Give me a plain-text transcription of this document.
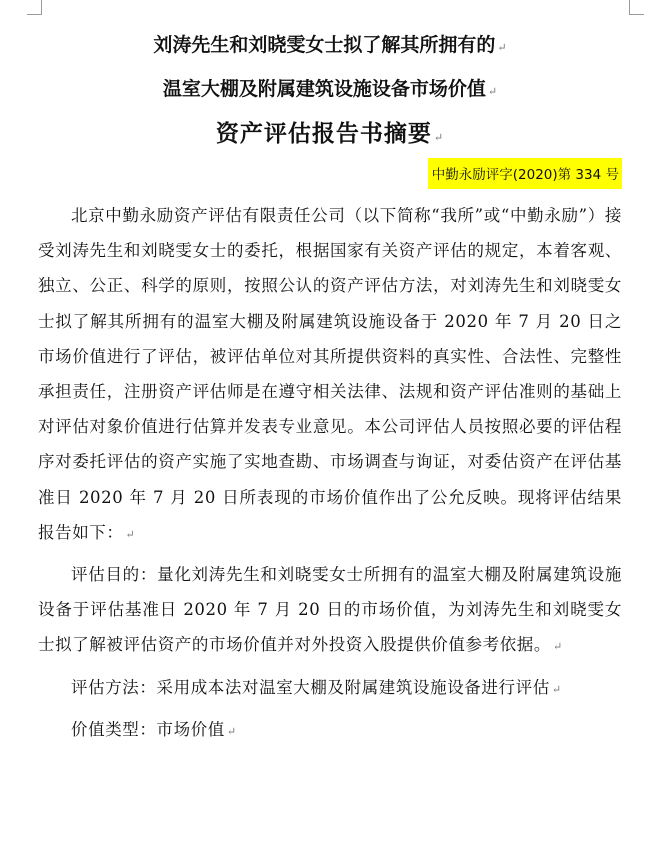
刘涛先生和刘晓雯女士拟了解其所拥有的 ↵
温室大棚及附属建筑设施设备市场价值 ↵
资产评估报告书摘要 ↵
中勤永励评字(2020)第 334 号

北京中勤永励资产评估有限责任公司（以下简称“我所”或“中勤永励”）接受刘涛先生和刘晓雯女士的委托，根据国家有关资产评估的规定，本着客观、独立、公正、科学的原则，按照公认的资产评估方法，对刘涛先生和刘晓雯女士拟了解其所拥有的温室大棚及附属建筑设施设备于 2020 年 7 月 20 日之市场价值进行了评估，被评估单位对其所提供资料的真实性、合法性、完整性承担责任，注册资产评估师是在遵守相关法律、法规和资产评估准则的基础上对评估对象价值进行估算并发表专业意见。本公司评估人员按照必要的评估程序对委托评估的资产实施了实地查勘、市场调查与询证，对委估资产在评估基准日 2020 年 7 月 20 日所表现的市场价值作出了公允反映。现将评估结果报告如下： ↵

评估目的：量化刘涛先生和刘晓雯女士所拥有的温室大棚及附属建筑设施设备于评估基准日 2020 年 7 月 20 日的市场价值，为刘涛先生和刘晓雯女士拟了解被评估资产的市场价值并对外投资入股提供价值参考依据。 ↵

评估方法：采用成本法对温室大棚及附属建筑设施设备进行评估 ↵

价值类型：市场价值 ↵
